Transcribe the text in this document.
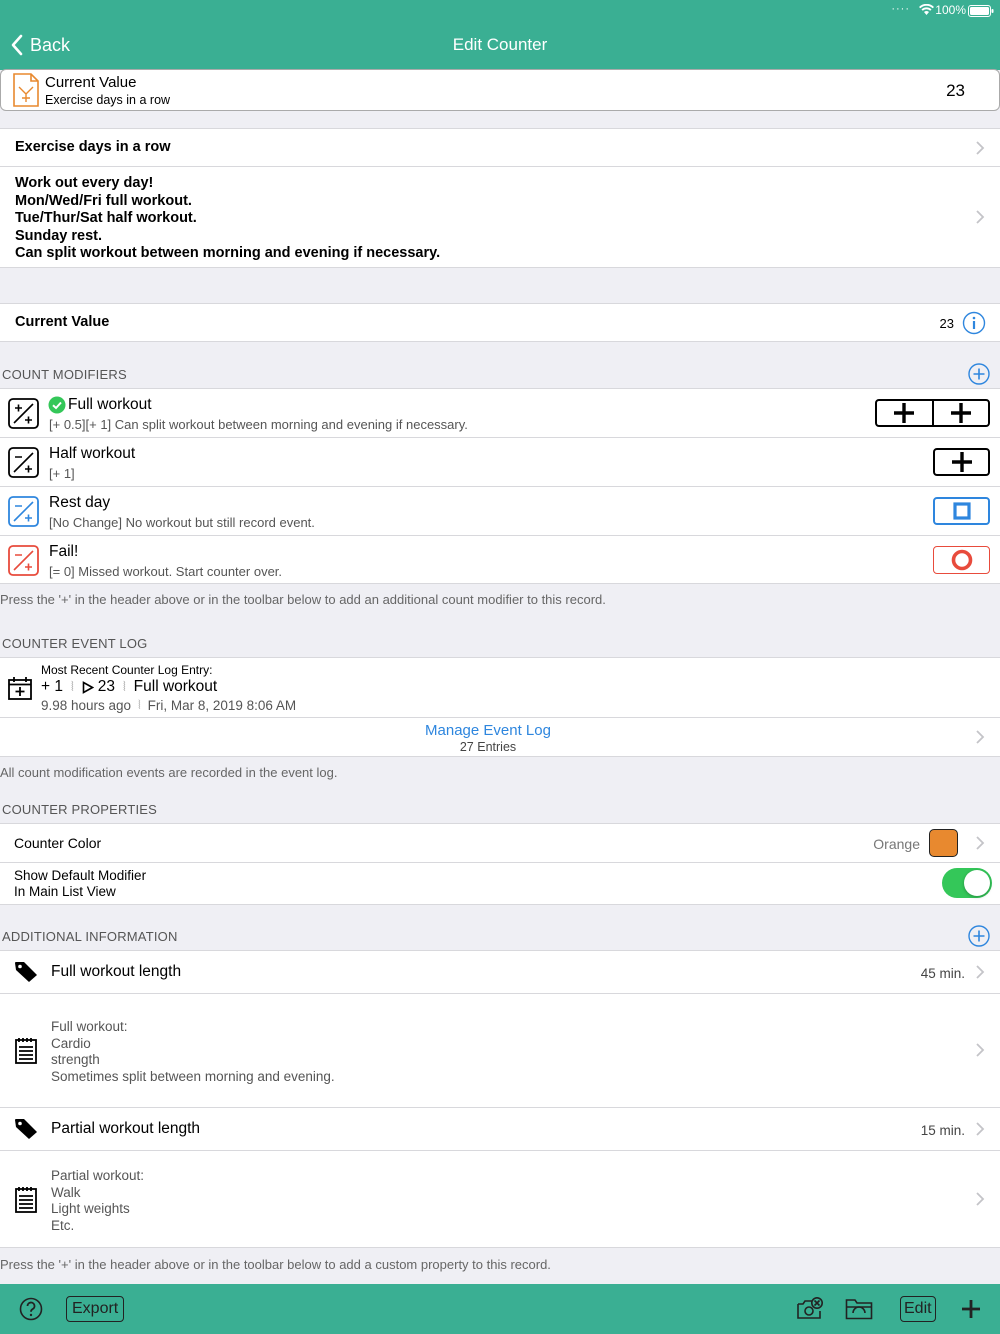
···· 100%
Back	Edit Counter
Current Value
Exercise days in a row	23
Exercise days in a row
Work out every day!
Mon/Wed/Fri full workout.
Tue/Thur/Sat half workout.
Sunday rest.
Can split workout between morning and evening if necessary.
Current Value	23
COUNT MODIFIERS
Full workout
[+ 0.5][+ 1] Can split workout between morning and evening if necessary.
Half workout
[+ 1]
Rest day
[No Change] No workout but still record event.
Fail!
[= 0] Missed workout. Start counter over.
Press the '+' in the header above or in the toolbar below to add an additional count modifier to this record.
COUNTER EVENT LOG
Most Recent Counter Log Entry:
+ 1 ⦚ 23 ⦚ Full workout
9.98 hours ago ⦚ Fri, Mar 8, 2019 8:06 AM
Manage Event Log
27 Entries
All count modification events are recorded in the event log.
COUNTER PROPERTIES
Counter Color	Orange
Show Default Modifier
In Main List View
ADDITIONAL INFORMATION
Full workout length	45 min.
Full workout:
Cardio
strength
Sometimes split between morning and evening.
Partial workout length	15 min.
Partial workout:
Walk
Light weights
Etc.
Press the '+' in the header above or in the toolbar below to add a custom property to this record.
Export	Edit
